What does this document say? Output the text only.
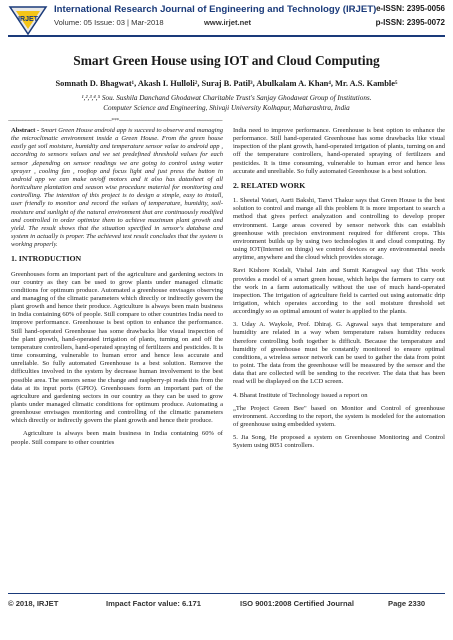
IRJET
International Research Journal of Engineering and Technology (IRJET)
Volume: 05 Issue: 03 | Mar-2018	www.irjet.net
e-ISSN: 2395-0056
p-ISSN: 2395-0072
Smart Green House using IOT and Cloud Computing
Somnath D. Bhagwat¹, Akash I. Hulloli², Suraj B. Patil³, Abulkalam A. Khan⁴, Mr. A.S. Kamble⁵
¹,²,³,⁴,⁵ Sou. Sushila Danchand Ghodawat Charitable Trust's Sanjay Ghodawat Group of Institutions.
Computer Science and Engineering, Shivaji University Kolhapur, Maharashtra, India
---------------------------------------------------------------------***---------------------------------------------------------------------

Abstract - Smart Green House android app is succeed to observe and managing the microclimatic environment inside a Green House. From the green house easily get soil moisture, humidity and temperature sensor value to android app , according to sensors values and we set predefined threshold values for each sensor ,depending on sensor readings we are going to control using water sprayer , cooling fan , rooftop and focus light and just press the button in android app we can make on/off motors and it also has datasheet of all horticulture plantation and season wise procedure material for monitoring and controlling. The intention of this project is to design a simple, easy to install, user friendly to monitor and record the values of temperature, humidity, soil-moisture and sunlight of the natural environment that are continuously modified and controlled in order optimize them to achieve maximum plant growth and yield. The result shows that the situation specified in sensor's database and system in actually is proper. The achieved test result concludes that the system is working properly.

1. INTRODUCTION

Greenhouses form an important part of the agriculture and gardening sectors in our country as they can be used to grow plants under managed climatic conditions for optimum produce. Automated a greenhouse envisages observing and managing of the climatic parameters which directly or indirectly govern the plant growth and hence their produce. Agriculture is always been main business in India containing 60% of people. Still compare to other countries India need to improve performance. Greenhouse is best option to enhance the performance. Still hand-operated Greenhouse has some drawbacks like visual inspection of the plant growth, hand-operated irrigation of plants, turning on and off the temperature controllers, hand-operated spraying of fertilizers and pesticides. It is time consuming, vulnerable to human error and hence less accurate and unreliable. So fully automated Greenhouse is a best solution. Remove the difficulties involved in the system by decrease human involvement to the best possible area. The sensors sense the change and raspberry-pi reads this from the data at its input ports (GPIO). Greenhouses form an important part of the agriculture and gardening sectors in our country as they can be used to grow plants under managed climatic conditions for optimum produce. Automating a greenhouse envisages monitoring and controlling of the climatic parameters which directly or indirectly govern the plant growth and hence their produce.

Agriculture is always been main business in India containing 60% of people. Still compare to other countries

India need to improve performance. Greenhouse is best option to enhance the performance. Still hand-operated Greenhouse has some drawbacks like visual inspection of the plant growth, hand-operated irrigation of plants, turning on and off the temperature controllers, hand-operated spraying of fertilizers and pesticides. It is time consuming, vulnerable to human error and hence less accurate and unreliable. So fully automated Greenhouse is a best solution.

2. RELATED WORK

1. Sheetal Vatari, Aarti Bakshi, Tanvi Thakur says that Green House is the best solution to control and mange all this problem It is more important to search a method that gives perfect analyzation and controlling to develop proper environment. Large areas covered by sensor network this can establish greenhouse with precision environment required for different crops. This environment builds up by using two technologies it and cloud computing. By using IOT(Internet on things) we control devices or any environmental needs anytime, anywhere and the cloud which provides storage.

Ravi Kishore Kodali, Vishal Jain and Sumit Karagwal say that This work provides a model of a smart green house, which helps the farmers to carry out the work in a farm automatically without the use of much hand-operated inspection. The irrigation of agriculture field is carried out using automatic drip irrigation, which operates according to the soil moisture threshold set accordingly so as optimal amount of water is applied to the plants.

3. Uday A. Waykole, Prof. Dhiraj. G. Agrawal says that temperature and humidity are related in a way when temperature raises humidity reduces therefore controlling both together is difficult. Because the temperature and humidity of greenhouse must be constantly monitored to ensure optimal conditions, a wireless sensor network can be used to gather the data from point to point. The data from the greenhouse will be measured by the sensor and the data that are collected will be sending to the receiver. The data that has been read will be displayed on the LCD screen.

4. Bharat Institute of Technology issued a report on

„The Project Green Bee" based on Monitor and Control of greenhouse environment. According to the report, the system is modeled for the automation of greenhouse using embedded system.

5. Jia Song, He proposed a system on Greenhouse Monitoring and Control System using 8051 controllers.

© 2018, IRJET	Impact Factor value: 6.171	ISO 9001:2008 Certified Journal	Page 2330
